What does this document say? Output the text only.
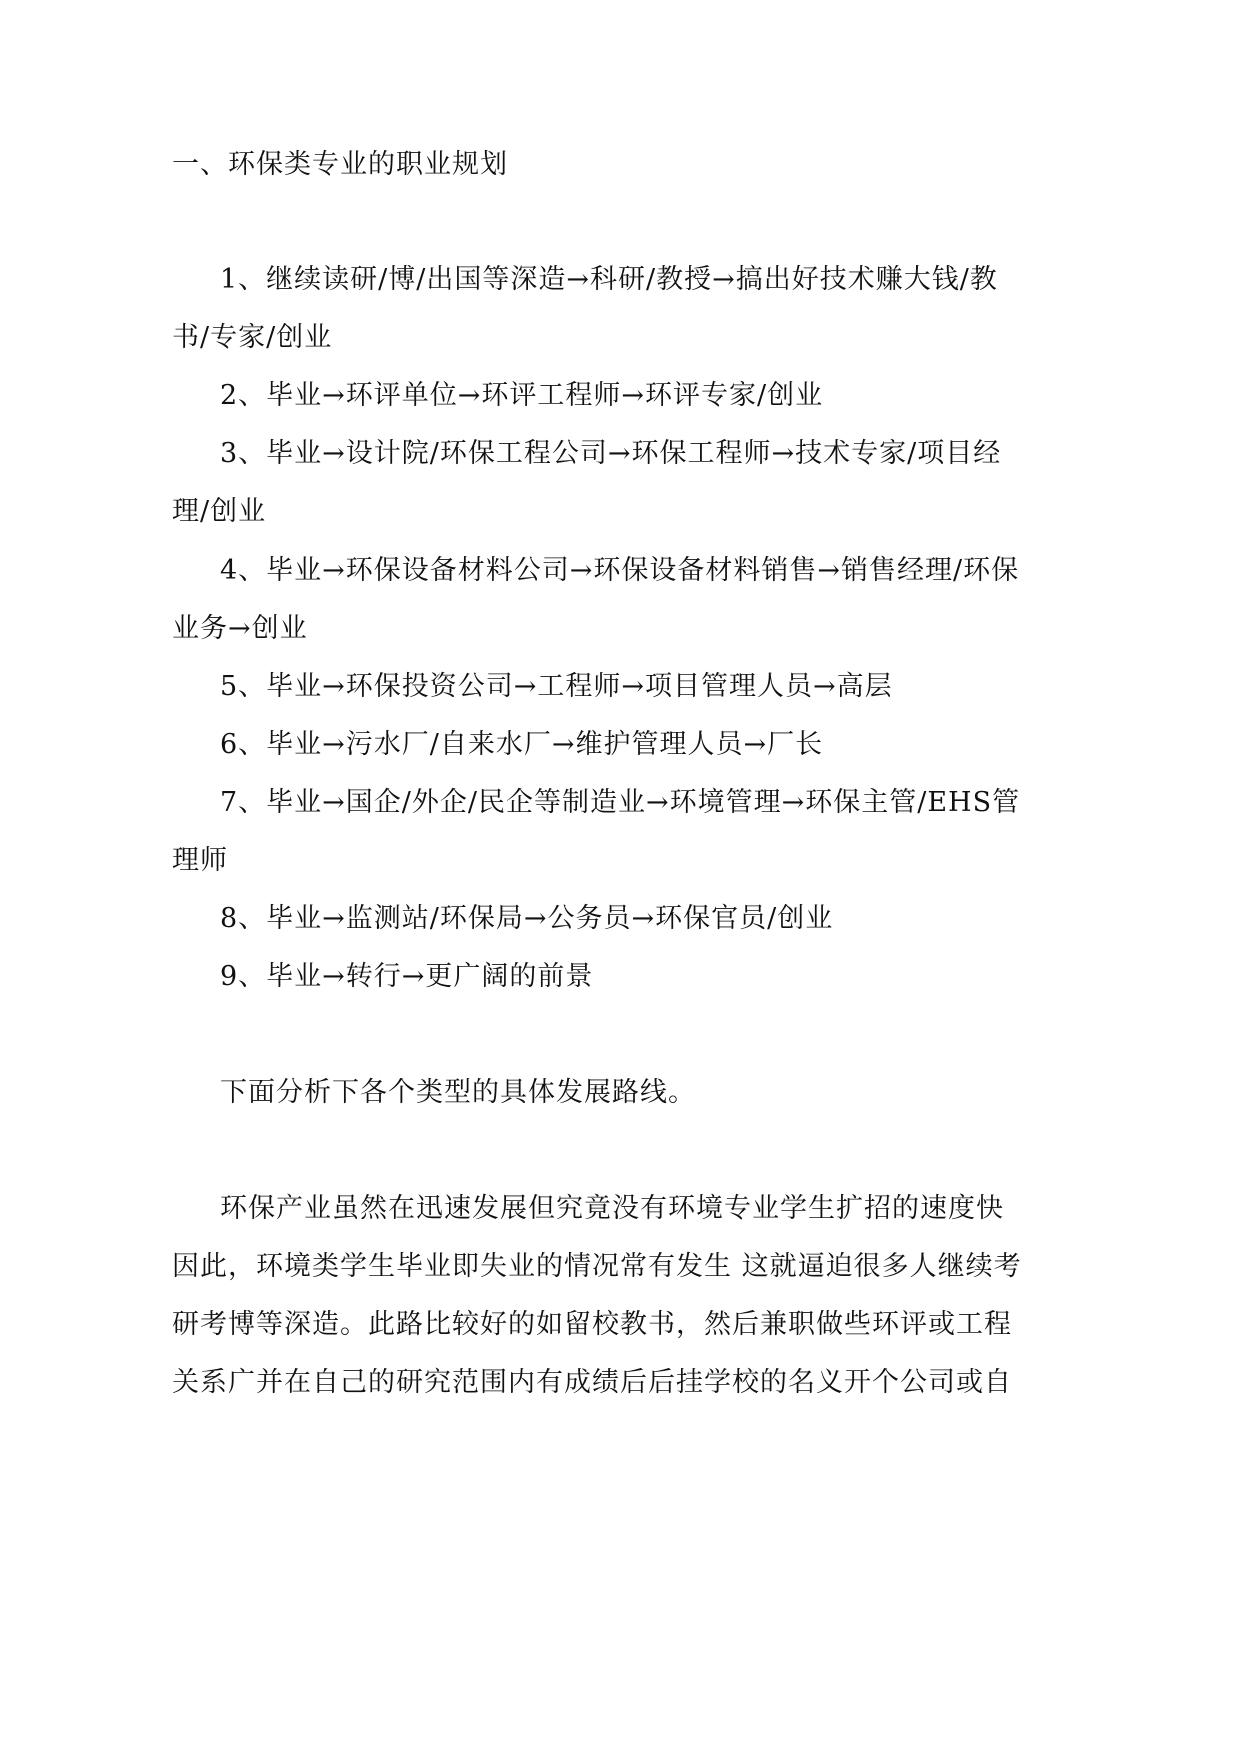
一、环保类专业的职业规划
1、继续读研/博/出国等深造→科研/教授→搞出好技术赚大钱/教
书/专家/创业
2、毕业→环评单位→环评工程师→环评专家/创业
3、毕业→设计院/环保工程公司→环保工程师→技术专家/项目经
理/创业
4、毕业→环保设备材料公司→环保设备材料销售→销售经理/环保
业务→创业
5、毕业→环保投资公司→工程师→项目管理人员→高层
6、毕业→污水厂/自来水厂→维护管理人员→厂长
7、毕业→国企/外企/民企等制造业→环境管理→环保主管/EHS管
理师
8、毕业→监测站/环保局→公务员→环保官员/创业
9、毕业→转行→更广阔的前景
下面分析下各个类型的具体发展路线。
环保产业虽然在迅速发展但究竟没有环境专业学生扩招的速度快
因此，环境类学生毕业即失业的情况常有发生 这就逼迫很多人继续考
研考博等深造。此路比较好的如留校教书，然后兼职做些环评或工程
关系广并在自己的研究范围内有成绩后后挂学校的名义开个公司或自
